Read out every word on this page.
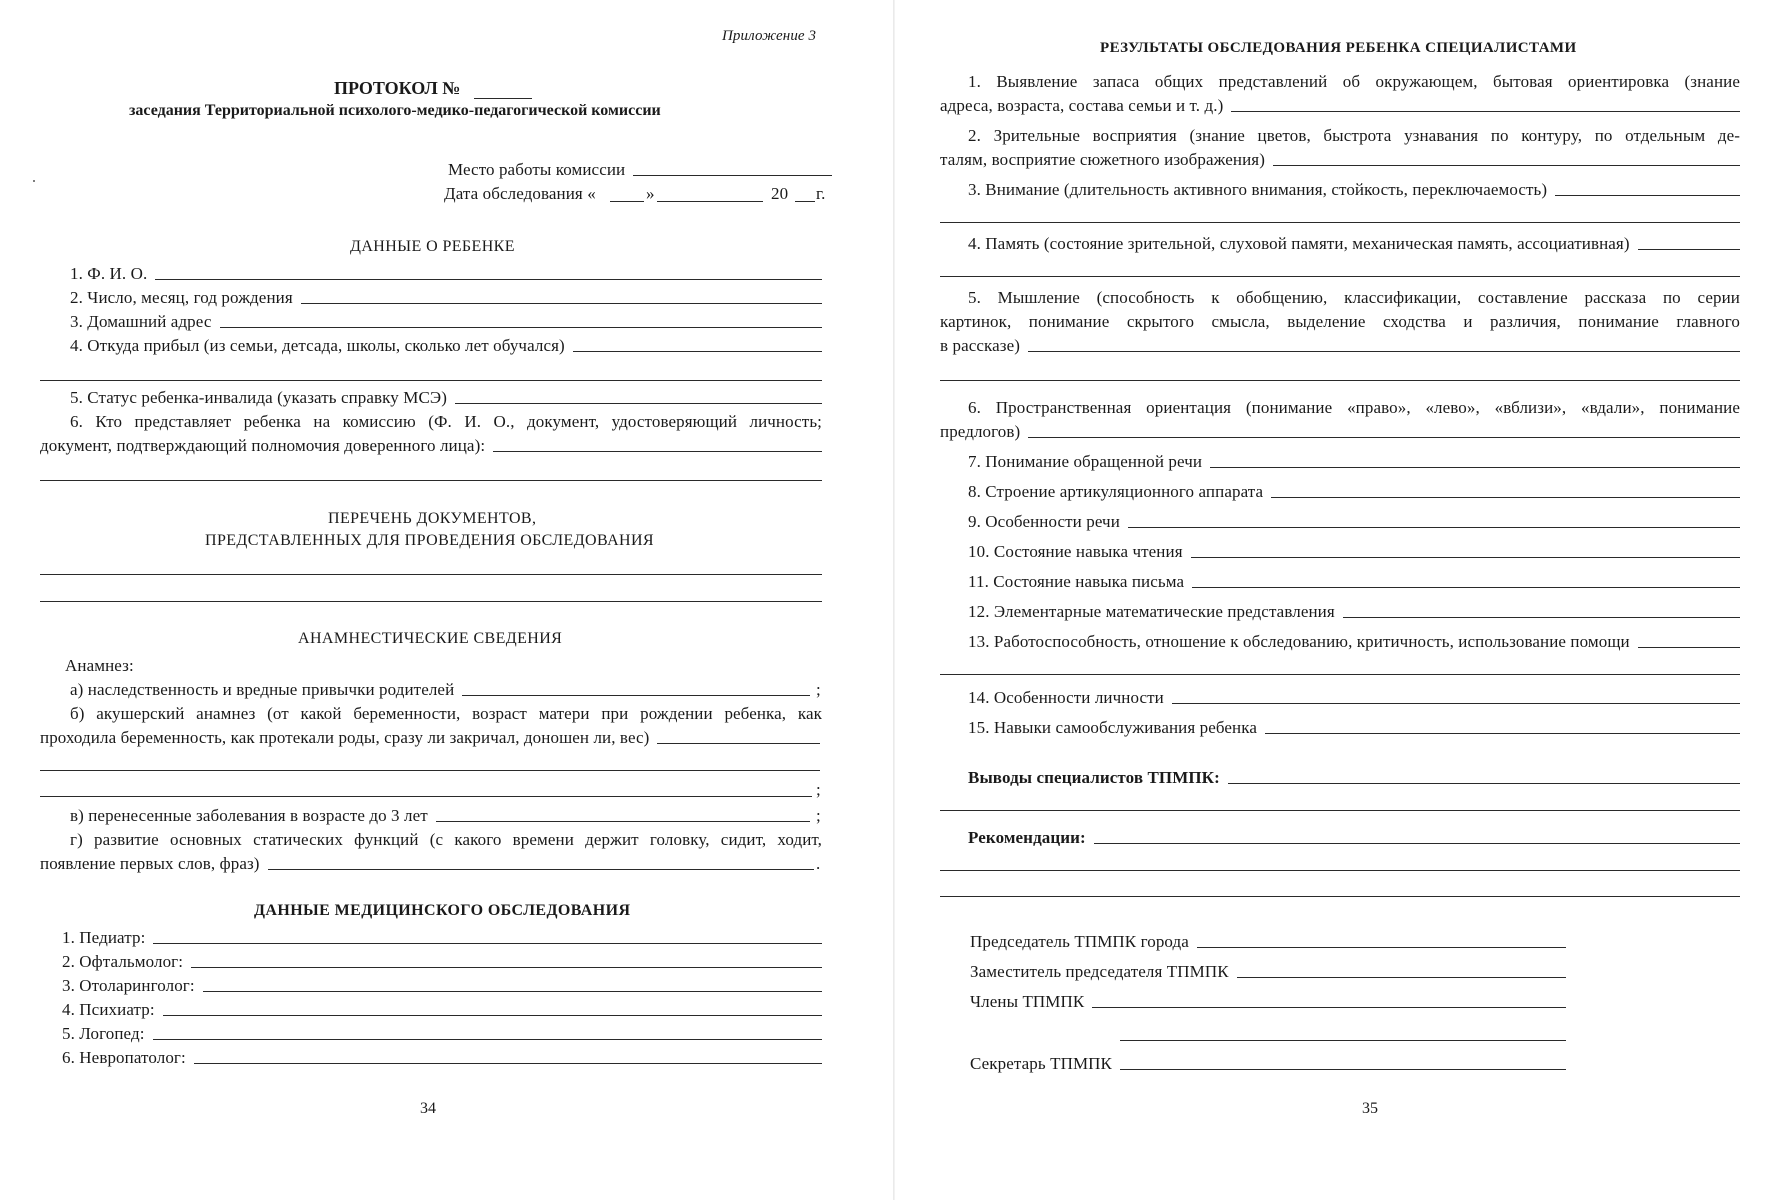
Приложение 3
ПРОТОКОЛ №
заседания Территориальной психолого-медико-педагогической комиссии
Место работы комиссии
Дата обследования «	»	20 г.
ДАННЫЕ О РЕБЕНКЕ
1. Ф. И. О.
2. Число, месяц, год рождения
3. Домашний адрес
4. Откуда прибыл (из семьи, детсада, школы, сколько лет обучался)
5. Статус ребенка-инвалида (указать справку МСЭ)
6. Кто представляет ребенка на комиссию (Ф. И. О., документ, удостоверяющий личность;
документ, подтверждающий полномочия доверенного лица):
ПЕРЕЧЕНЬ ДОКУМЕНТОВ,
ПРЕДСТАВЛЕННЫХ ДЛЯ ПРОВЕДЕНИЯ ОБСЛЕДОВАНИЯ
АНАМНЕСТИЧЕСКИЕ СВЕДЕНИЯ
Анамнез:
а) наследственность и вредные привычки родителей	;
б) акушерский анамнез (от какой беременности, возраст матери при рождении ребенка, как
проходила беременность, как протекали роды, сразу ли закричал, доношен ли, вес)
;
в) перенесенные заболевания в возрасте до 3 лет	;
г) развитие основных статических функций (с какого времени держит головку, сидит, ходит,
появление первых слов, фраз)	.
ДАННЫЕ МЕДИЦИНСКОГО ОБСЛЕДОВАНИЯ
1. Педиатр:
2. Офтальмолог:
3. Отоларинголог:
4. Психиатр:
5. Логопед:
6. Невропатолог:
34
РЕЗУЛЬТАТЫ ОБСЛЕДОВАНИЯ РЕБЕНКА СПЕЦИАЛИСТАМИ
1. Выявление запаса общих представлений об окружающем, бытовая ориентировка (знание
адреса, возраста, состава семьи и т. д.)
2. Зрительные восприятия (знание цветов, быстрота узнавания по контуру, по отдельным де-
талям, восприятие сюжетного изображения)
3. Внимание (длительность активного внимания, стойкость, переключаемость)
4. Память (состояние зрительной, слуховой памяти, механическая память, ассоциативная)
5. Мышление (способность к обобщению, классификации, составление рассказа по серии
картинок, понимание скрытого смысла, выделение сходства и различия, понимание главного
в рассказе)
6. Пространственная ориентация (понимание «право», «лево», «вблизи», «вдали», понимание
предлогов)
7. Понимание обращенной речи
8. Строение артикуляционного аппарата
9. Особенности речи
10. Состояние навыка чтения
11. Состояние навыка письма
12. Элементарные математические представления
13. Работоспособность, отношение к обследованию, критичность, использование помощи
14. Особенности личности
15. Навыки самообслуживания ребенка
Выводы специалистов ТПМПК:
Рекомендации:
Председатель ТПМПК города
Заместитель председателя ТПМПК
Члены ТПМПК
Секретарь ТПМПК
35
